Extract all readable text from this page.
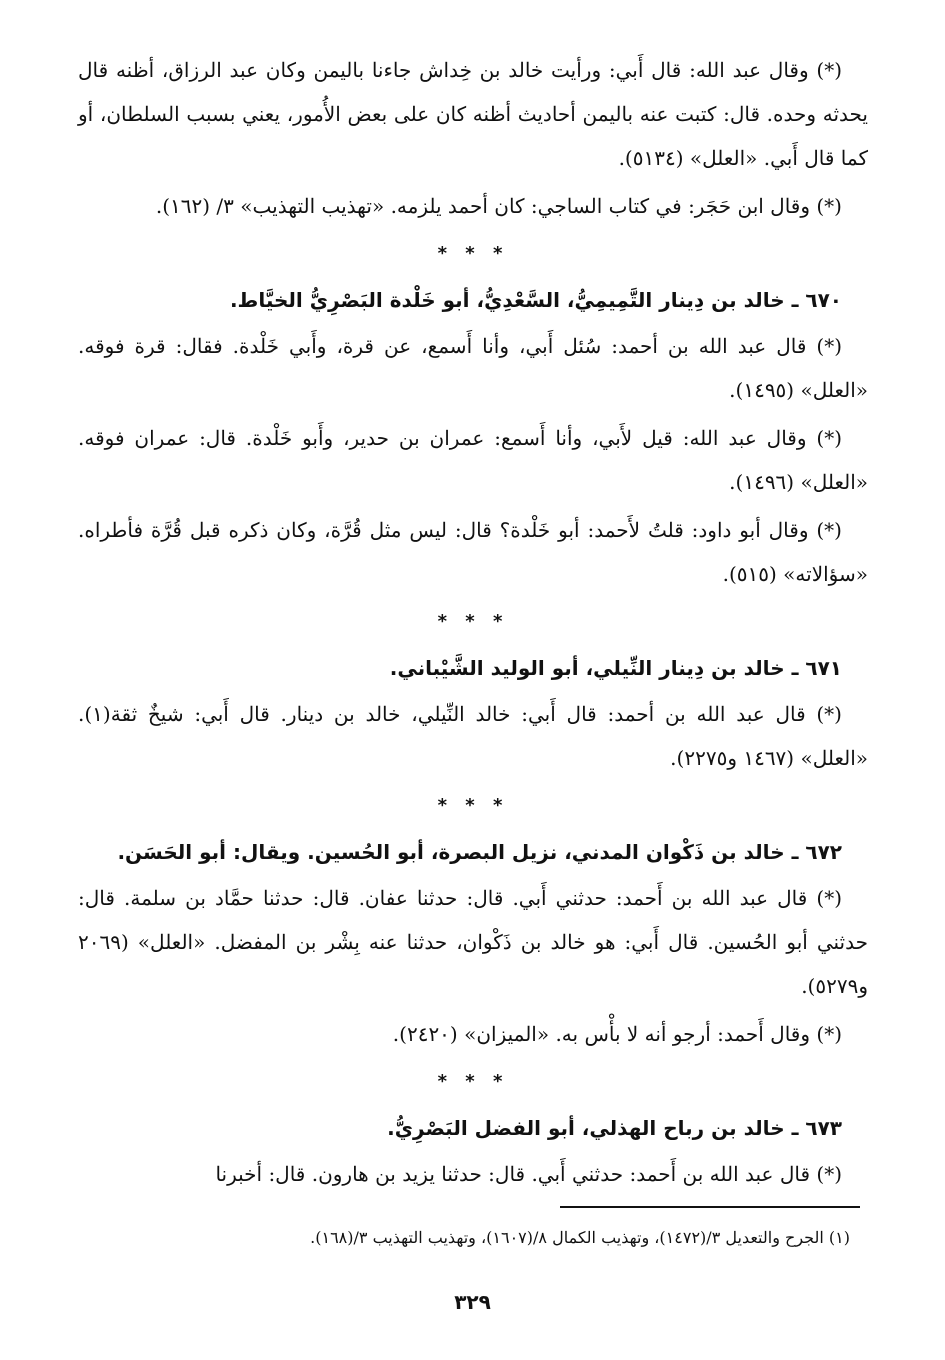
(*) وقال عبد الله: قال أَبي: ورأيت خالد بن خِداش جاءنا باليمن وكان عبد الرزاق، أظنه قال يحدثه وحده. قال: كتبت عنه باليمن أحاديث أظنه كان على بعض الأُمور، يعني بسبب السلطان، أو كما قال أَبي. «العلل» (٥١٣٤).

(*) وقال ابن حَجَر: في كتاب الساجي: كان أحمد يلزمه. «تهذيب التهذيب» ٣/ (١٦٢).

* * *
٦٧٠ ـ خالد بن دِينار التَّمِيمِيُّ، السَّعْدِيُّ، أبو خَلْدة البَصْرِيُّ الخيَّاط.

(*) قال عبد الله بن أحمد: سُئل أَبي، وأنا أَسمع، عن قرة، وأَبي خَلْدة. فقال: قرة فوقه. «العلل» (١٤٩٥).

(*) وقال عبد الله: قيل لأَبي، وأنا أَسمع: عمران بن حدير، وأَبو خَلْدة. قال: عمران فوقه. «العلل» (١٤٩٦).

(*) وقال أبو داود: قلتُ لأَحمد: أبو خَلْدة؟ قال: ليس مثل قُرَّة، وكان ذكره قبل قُرَّة فأطراه. «سؤالاته» (٥١٥).

* * *
٦٧١ ـ خالد بن دِينار النِّيلي، أبو الوليد الشَّيْباني.

(*) قال عبد الله بن أحمد: قال أَبي: خالد النِّيلي، خالد بن دينار. قال أَبي: شيخٌ ثقة(١). «العلل» (١٤٦٧ و٢٢٧٥).

* * *
٦٧٢ ـ خالد بن ذَكْوان المدني، نزيل البصرة، أبو الحُسين. ويقال: أبو الحَسَن.

(*) قال عبد الله بن أَحمد: حدثني أَبي. قال: حدثنا عفان. قال: حدثنا حمَّاد بن سلمة. قال: حدثني أبو الحُسين. قال أَبي: هو خالد بن ذَكْوان، حدثنا عنه بِشْر بن المفضل. «العلل» (٢٠٦٩ و٥٢٧٩).

(*) وقال أَحمد: أرجو أنه لا بأْس به. «الميزان» (٢٤٢٠).

* * *
٦٧٣ ـ خالد بن رباح الهذلي، أبو الفضل البَصْرِيُّ.

(*) قال عبد الله بن أَحمد: حدثني أَبي. قال: حدثنا يزيد بن هارون. قال: أخبرنا

(١) الجرح والتعديل ٣/(١٤٧٢)، وتهذيب الكمال ٨/(١٦٠٧)، وتهذيب التهذيب ٣/(١٦٨).
٣٢٩
